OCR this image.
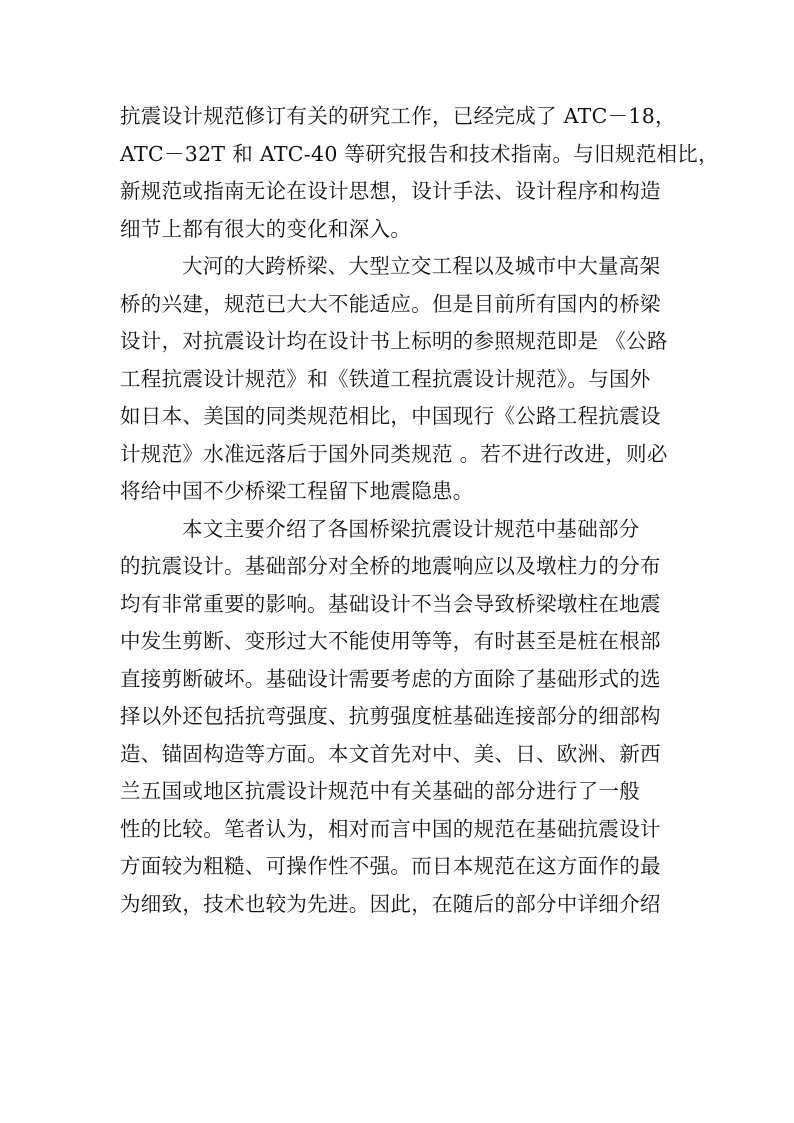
抗震设计规范修订有关的研究工作，已经完成了 ATC－18，
ATC－32T 和 ATC-40 等研究报告和技术指南。与旧规范相比，
新规范或指南无论在设计思想，设计手法、设计程序和构造
细节上都有很大的变化和深入。
大河的大跨桥梁、大型立交工程以及城市中大量高架
桥的兴建，规范已大大不能适应。但是目前所有国内的桥梁
设计，对抗震设计均在设计书上标明的参照规范即是 《公路
工程抗震设计规范》和《铁道工程抗震设计规范》。与国外
如日本、美国的同类规范相比，中国现行《公路工程抗震设
计规范》水准远落后于国外同类规范 。若不进行改进，则必
将给中国不少桥梁工程留下地震隐患。
本文主要介绍了各国桥梁抗震设计规范中基础部分
的抗震设计。基础部分对全桥的地震响应以及墩柱力的分布
均有非常重要的影响。基础设计不当会导致桥梁墩柱在地震
中发生剪断、变形过大不能使用等等，有时甚至是桩在根部
直接剪断破坏。基础设计需要考虑的方面除了基础形式的选
择以外还包括抗弯强度、抗剪强度桩基础连接部分的细部构
造、锚固构造等方面。本文首先对中、美、日、欧洲、新西
兰五国或地区抗震设计规范中有关基础的部分进行了一般
性的比较。笔者认为，相对而言中国的规范在基础抗震设计
方面较为粗糙、可操作性不强。而日本规范在这方面作的最
为细致，技术也较为先进。因此，在随后的部分中详细介绍
